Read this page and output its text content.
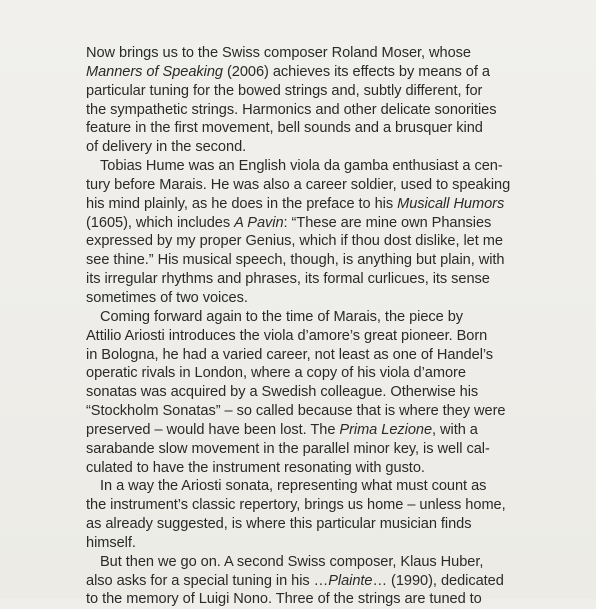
Now brings us to the Swiss composer Roland Moser, whose
Manners of Speaking (2006) achieves its effects by means of a
particular tuning for the bowed strings and, subtly different, for
the sympathetic strings. Harmonics and other delicate sonorities
feature in the first movement, bell sounds and a brusquer kind
of delivery in the second.
Tobias Hume was an English viola da gamba enthusiast a cen-
tury before Marais. He was also a career soldier, used to speaking
his mind plainly, as he does in the preface to his Musicall Humors
(1605), which includes A Pavin: “These are mine own Phansies
expressed by my proper Genius, which if thou dost dislike, let me
see thine.” His musical speech, though, is anything but plain, with
its irregular rhythms and phrases, its formal curlicues, its sense
sometimes of two voices.
Coming forward again to the time of Marais, the piece by
Attilio Ariosti introduces the viola d’amore’s great pioneer. Born
in Bologna, he had a varied career, not least as one of Handel’s
operatic rivals in London, where a copy of his viola d’amore
sonatas was acquired by a Swedish colleague. Otherwise his
“Stockholm Sonatas” – so called because that is where they were
preserved – would have been lost. The Prima Lezione, with a
sarabande slow movement in the parallel minor key, is well cal-
culated to have the instrument resonating with gusto.
In a way the Ariosti sonata, representing what must count as
the instrument’s classic repertory, brings us home – unless home,
as already suggested, is where this particular musician finds
himself.
But then we go on. A second Swiss composer, Klaus Huber,
also asks for a special tuning in his …Plainte… (1990), dedicated
to the memory of Luigi Nono. Three of the strings are tuned to
